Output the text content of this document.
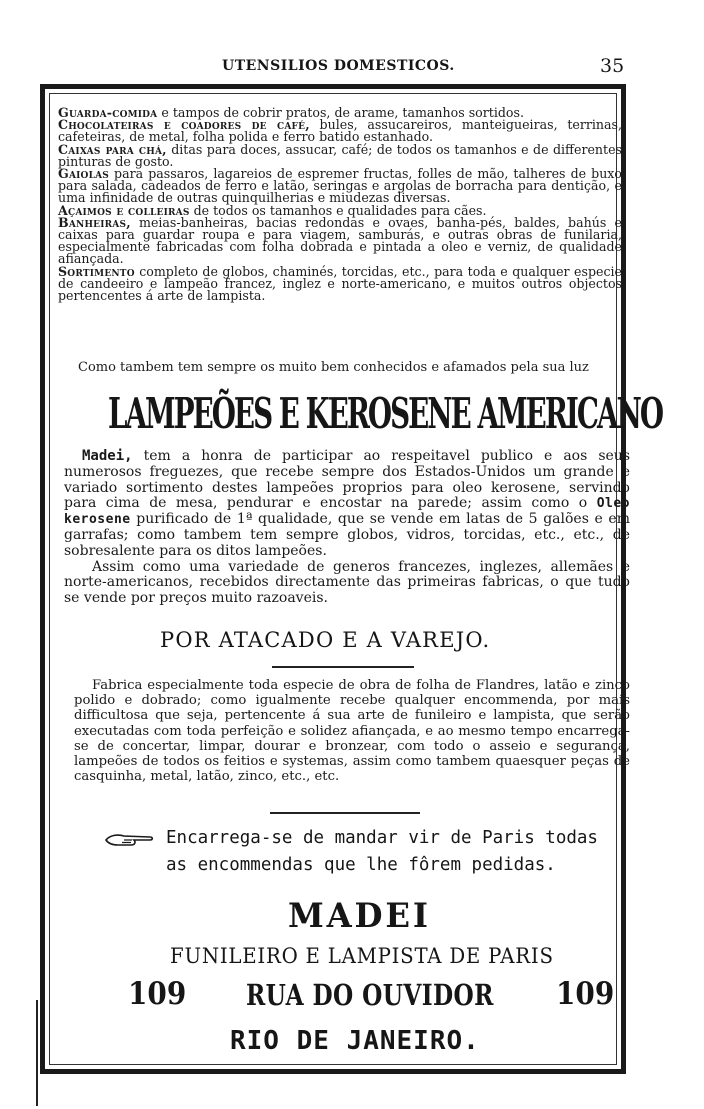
UTENSILIOS DOMESTICOS.	35

Guarda-comida e tampos de cobrir pratos, de arame, tamanhos sortidos.

Chocolateiras e coadores de café, bules, assucareiros, manteigueiras, terrinas, cafeteiras, de metal, folha polida e ferro batido estanhado.

Caixas para chá, ditas para doces, assucar, café; de todos os tamanhos e de differentes pinturas de gosto.

Gaiolas para passaros, lagareios de espremer fructas, folles de mão, talheres de buxo para salada, cadeados de ferro e latão, seringas e argolas de borracha para dentição, e uma infinidade de outras quinquilherias e miudezas diversas.

Açaimos e colleiras de todos os tamanhos e qualidades para cães.

Banheiras, meias-banheiras, bacias redondas e ovaes, banha-pés, baldes, bahús e caixas para guardar roupa e para viagem, samburás, e outras obras de funilaria, especialmente fabricadas com folha dobrada e pintada a oleo e verniz, de qualidade afiançada.

Sortimento completo de globos, chaminés, torcidas, etc., para toda e qualquer especie de candeeiro e lampeão francez, inglez e norte-americano, e muitos outros objectos pertencentes á arte de lampista.

Como tambem tem sempre os muito bem conhecidos e afamados pela sua luz
LAMPEÕES E KEROSENE AMERICANO

Madei, tem a honra de participar ao respeitavel publico e aos seus numerosos freguezes, que recebe sempre dos Estados-Unidos um grande e variado sortimento destes lampeões proprios para oleo kerosene, servindo para cima de mesa, pendurar e encostar na parede; assim como o Oleo kerosene purificado de 1ª qualidade, que se vende em latas de 5 galões e em garrafas; como tambem tem sempre globos, vidros, torcidas, etc., etc., de sobresalente para os ditos lampeões.

Assim como uma variedade de generos francezes, inglezes, allemães e norte-americanos, recebidos directamente das primeiras fabricas, o que tudo se vende por preços muito razoaveis.

POR ATACADO E A VAREJO.

Fabrica especialmente toda especie de obra de folha de Flandres, latão e zinco polido e dobrado; como igualmente recebe qualquer encommenda, por mais difficultosa que seja, pertencente á sua arte de funileiro e lampista, que serão executadas com toda perfeição e solidez afiançada, e ao mesmo tempo encarrega-se de concertar, limpar, dourar e bronzear, com todo o asseio e segurança, lampeões de todos os feitios e systemas, assim como tambem quaesquer peças de casquinha, metal, latão, zinco, etc., etc.

Encarrega-se de mandar vir de Paris todas
as encommendas que lhe fôrem pedidas.
MADEI
FUNILEIRO E LAMPISTA DE PARIS
109 RUA DO OUVIDOR 109
RIO DE JANEIRO.
